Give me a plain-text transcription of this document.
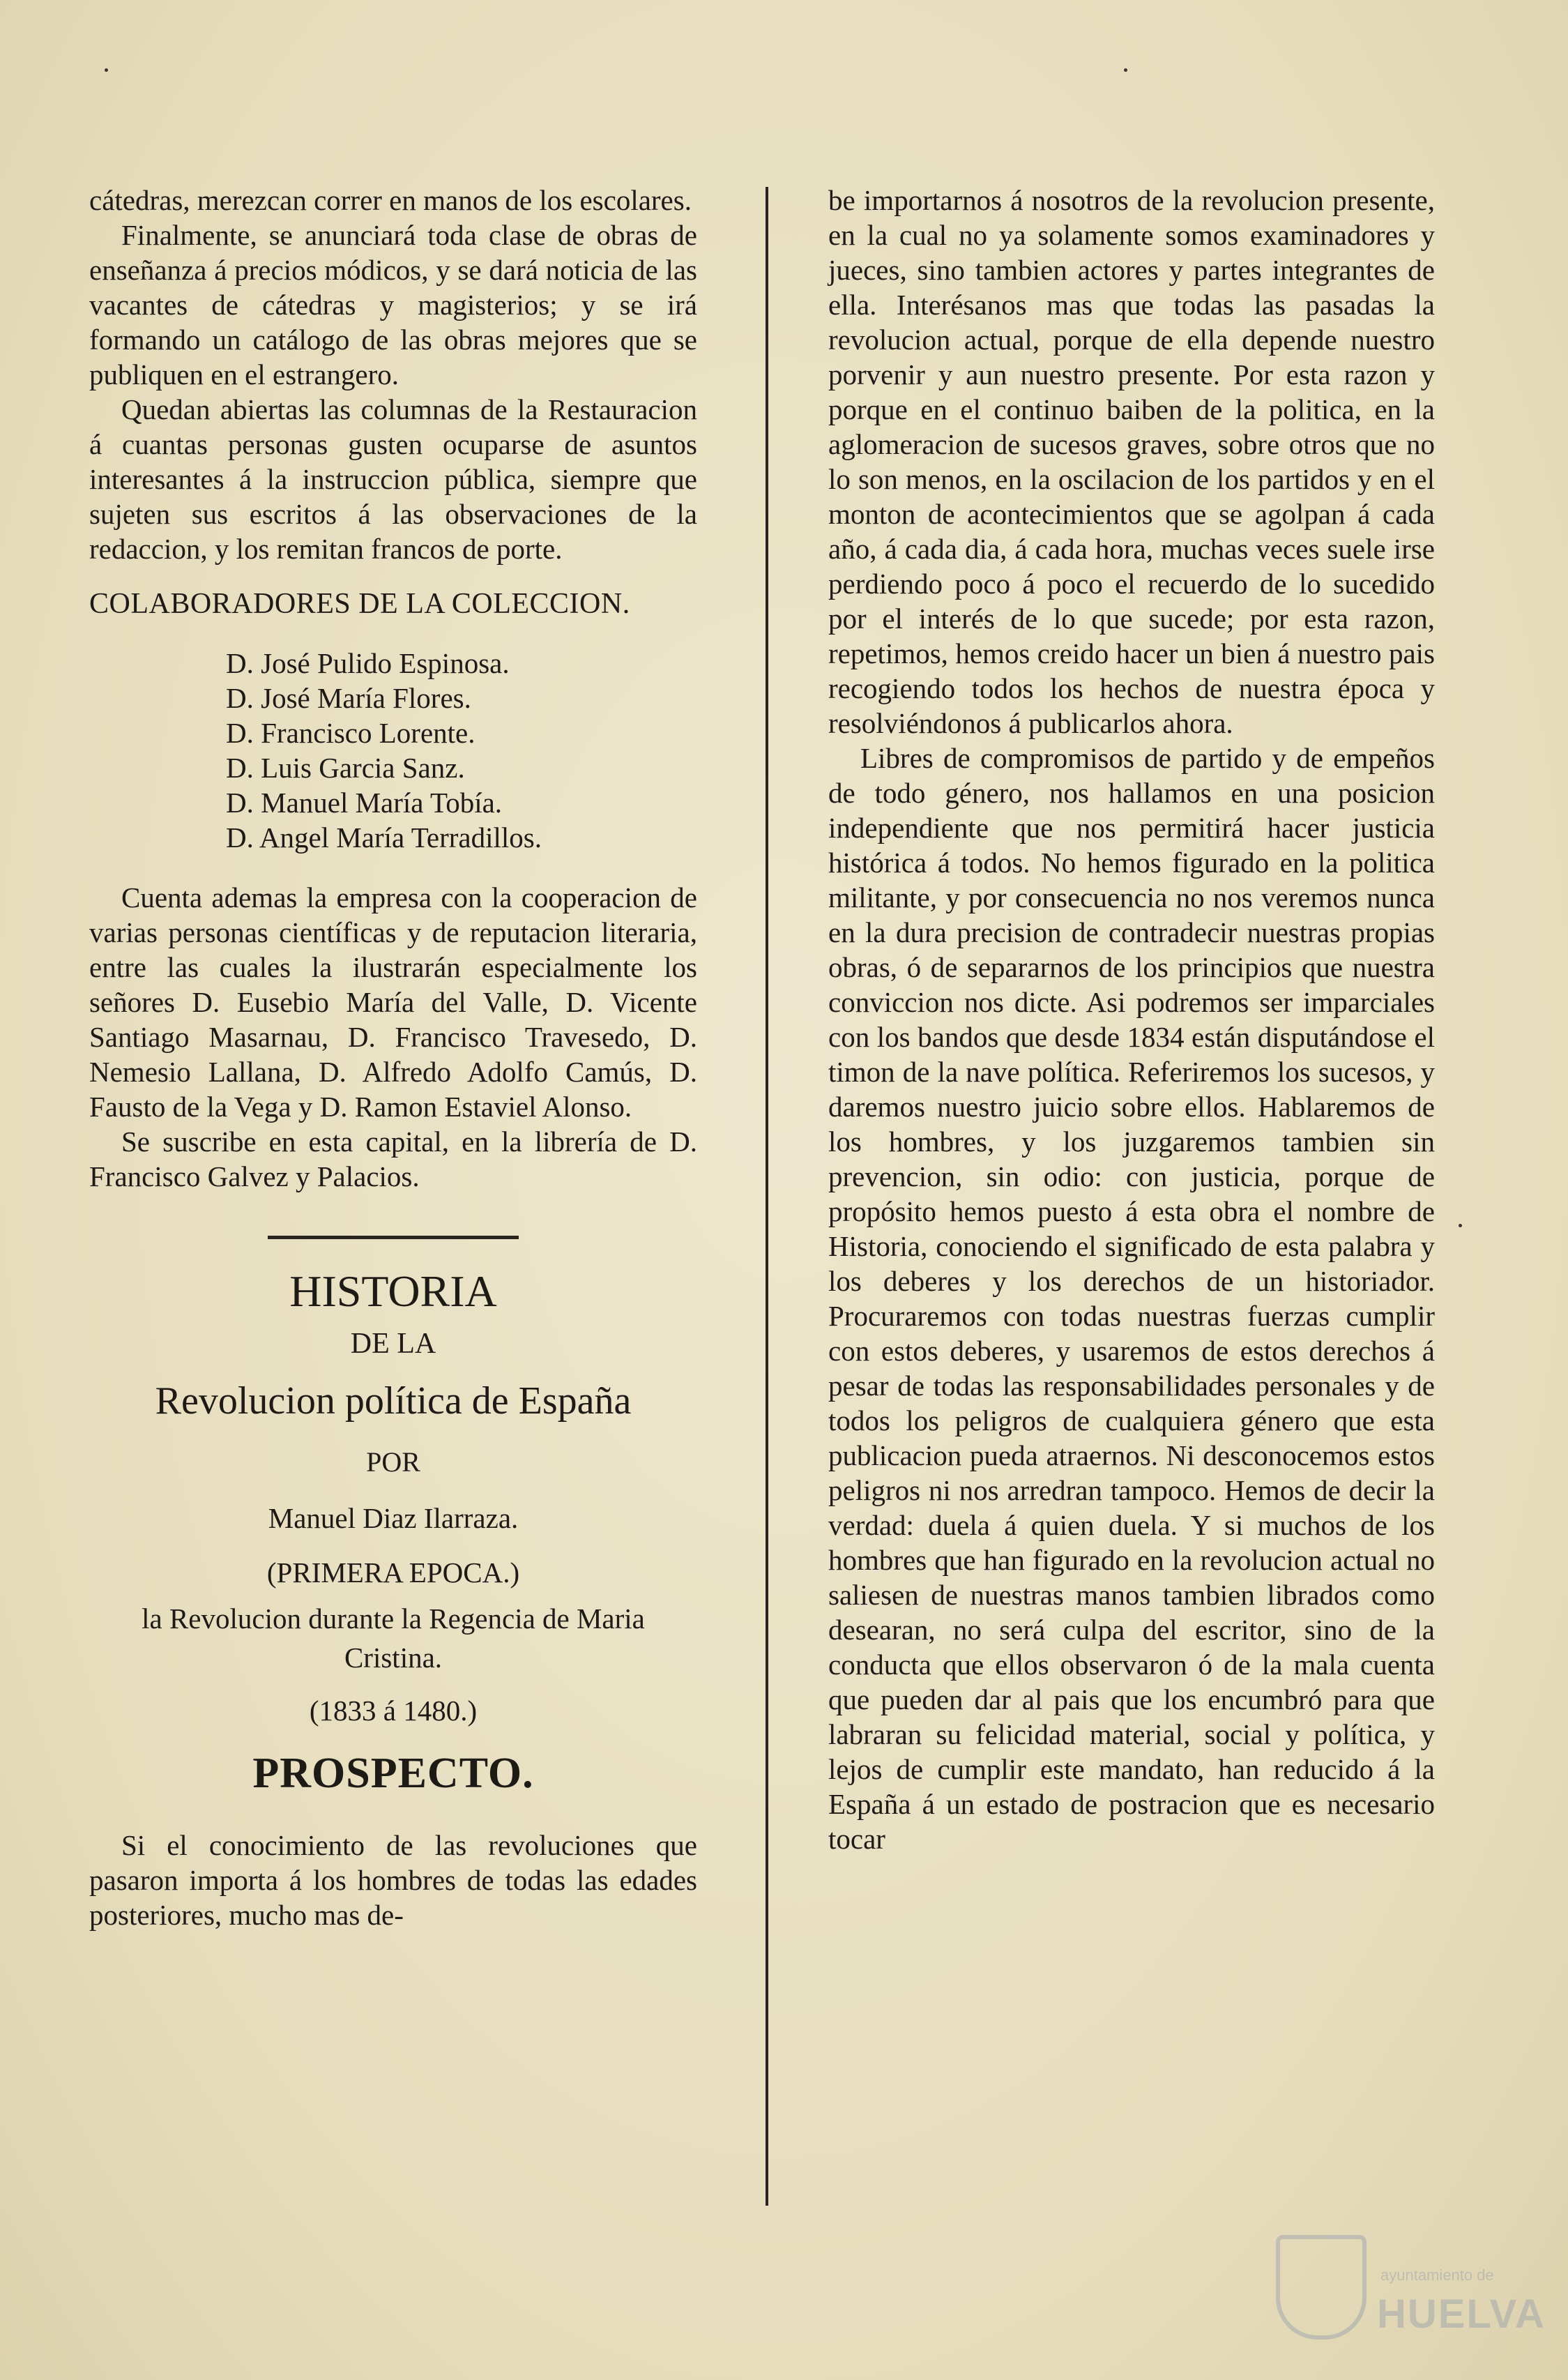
cátedras, merezcan correr en manos de los escolares.

Finalmente, se anunciará toda clase de obras de enseñanza á precios módicos, y se dará noticia de las vacantes de cátedras y magisterios; y se irá formando un catálogo de las obras mejores que se publiquen en el estrangero.

Quedan abiertas las columnas de la Restauracion á cuantas personas gusten ocuparse de asuntos interesantes á la instruccion pública, siempre que sujeten sus escritos á las observaciones de la redaccion, y los remitan francos de porte.

COLABORADORES DE LA COLECCION.
D. José Pulido Espinosa.
D. José María Flores.
D. Francisco Lorente.
D. Luis Garcia Sanz.
D. Manuel María Tobía.
D. Angel María Terradillos.

Cuenta ademas la empresa con la cooperacion de varias personas científicas y de reputacion literaria, entre las cuales la ilustrarán especialmente los señores D. Eusebio María del Valle, D. Vicente Santiago Masarnau, D. Francisco Travesedo, D. Nemesio Lallana, D. Alfredo Adolfo Camús, D. Fausto de la Vega y D. Ramon Estaviel Alonso.

Se suscribe en esta capital, en la librería de D. Francisco Galvez y Palacios.

HISTORIA
DE LA
Revolucion política de España
POR
Manuel Diaz Ilarraza.
(PRIMERA EPOCA.)
la Revolucion durante la Regencia de Maria Cristina.
(1833 á 1480.)
PROSPECTO.

Si el conocimiento de las revoluciones que pasaron importa á los hombres de todas las edades posteriores, mucho mas de-

be importarnos á nosotros de la revolucion presente, en la cual no ya solamente somos examinadores y jueces, sino tambien actores y partes integrantes de ella. Interésanos mas que todas las pasadas la revolucion actual, porque de ella depende nuestro porvenir y aun nuestro presente. Por esta razon y porque en el continuo baiben de la politica, en la aglomeracion de sucesos graves, sobre otros que no lo son menos, en la oscilacion de los partidos y en el monton de acontecimientos que se agolpan á cada año, á cada dia, á cada hora, muchas veces suele irse perdiendo poco á poco el recuerdo de lo sucedido por el interés de lo que sucede; por esta razon, repetimos, hemos creido hacer un bien á nuestro pais recogiendo todos los hechos de nuestra época y resolviéndonos á publicarlos ahora.

Libres de compromisos de partido y de empeños de todo género, nos hallamos en una posicion independiente que nos permitirá hacer justicia histórica á todos. No hemos figurado en la politica militante, y por consecuencia no nos veremos nunca en la dura precision de contradecir nuestras propias obras, ó de separarnos de los principios que nuestra conviccion nos dicte. Asi podremos ser imparciales con los bandos que desde 1834 están disputándose el timon de la nave política. Referiremos los sucesos, y daremos nuestro juicio sobre ellos. Hablaremos de los hombres, y los juzgaremos tambien sin prevencion, sin odio: con justicia, porque de propósito hemos puesto á esta obra el nombre de Historia, conociendo el significado de esta palabra y los deberes y los derechos de un historiador. Procuraremos con todas nuestras fuerzas cumplir con estos deberes, y usaremos de estos derechos á pesar de todas las responsabilidades personales y de todos los peligros de cualquiera género que esta publicacion pueda atraernos. Ni desconocemos estos peligros ni nos arredran tampoco. Hemos de decir la verdad: duela á quien duela. Y si muchos de los hombres que han figurado en la revolucion actual no saliesen de nuestras manos tambien librados como desearan, no será culpa del escritor, sino de la conducta que ellos observaron ó de la mala cuenta que pueden dar al pais que los encumbró para que labraran su felicidad material, social y política, y lejos de cumplir este mandato, han reducido á la España á un estado de postracion que es necesario tocar

ayuntamiento de
HUELVA
